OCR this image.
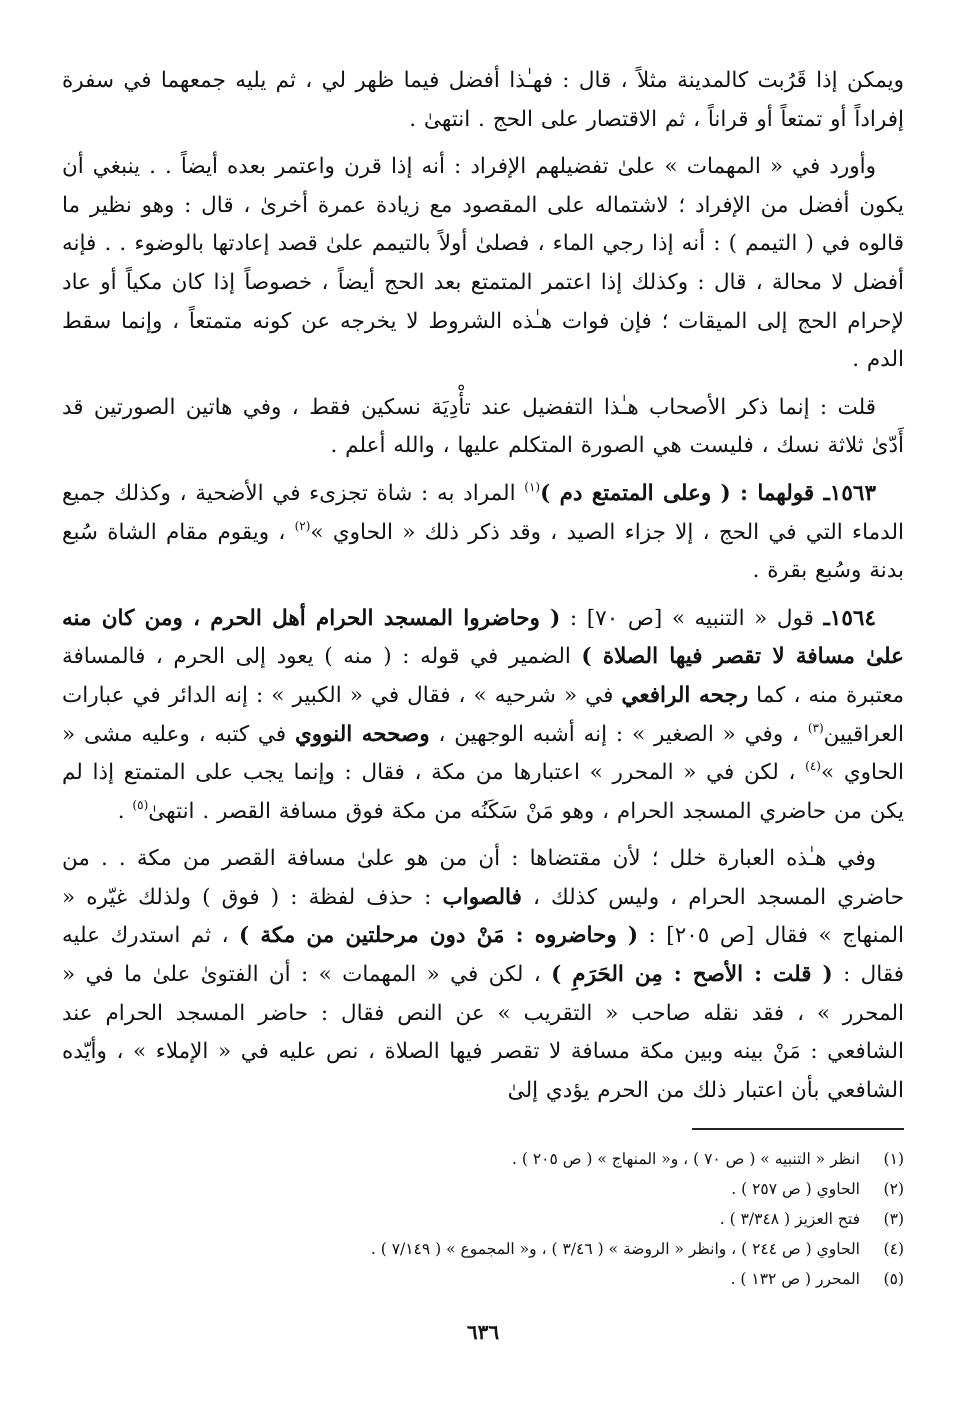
ويمكن إذا قَرُبت كالمدينة مثلاً ، قال : فهـٰذا أفضل فيما ظهر لي ، ثم يليه جمعهما في سفرة إفراداً أو تمتعاً أو قراناً ، ثم الاقتصار على الحج . انتهىٰ .

وأورد في « المهمات » علىٰ تفضيلهم الإفراد : أنه إذا قرن واعتمر بعده أيضاً . . ينبغي أن يكون أفضل من الإفراد ؛ لاشتماله على المقصود مع زيادة عمرة أخرىٰ ، قال : وهو نظير ما قالوه في ( التيمم ) : أنه إذا رجي الماء ، فصلىٰ أولاً بالتيمم علىٰ قصد إعادتها بالوضوء . . فإنه أفضل لا محالة ، قال : وكذلك إذا اعتمر المتمتع بعد الحج أيضاً ، خصوصاً إذا كان مكياً أو عاد لإحرام الحج إلى الميقات ؛ فإن فوات هـٰذه الشروط لا يخرجه عن كونه متمتعاً ، وإنما سقط الدم .

قلت : إنما ذكر الأصحاب هـٰذا التفضيل عند تأْدِيَة نسكين فقط ، وفي هاتين الصورتين قد أَدّىٰ ثلاثة نسك ، فليست هي الصورة المتكلم عليها ، والله أعلم .

١٥٦٣ـ قولهما : ( وعلى المتمتع دم )$^{(١)}$ المراد به : شاة تجزىء في الأضحية ، وكذلك جميع الدماء التي في الحج ، إلا جزاء الصيد ، وقد ذكر ذلك « الحاوي »$^{(٢)}$ ، ويقوم مقام الشاة سُبع بدنة وسُبع بقرة .

١٥٦٤ـ قول « التنبيه » [ص ٧٠] : ( وحاضروا المسجد الحرام أهل الحرم ، ومن كان منه علىٰ مسافة لا تقصر فيها الصلاة ) الضمير في قوله : ( منه ) يعود إلى الحرم ، فالمسافة معتبرة منه ، كما رجحه الرافعي في « شرحيه » ، فقال في « الكبير » : إنه الدائر في عبارات العراقيين$^{(٣)}$ ، وفي « الصغير » : إنه أشبه الوجهين ، وصححه النووي في كتبه ، وعليه مشى « الحاوي »$^{(٤)}$ ، لكن في « المحرر » اعتبارها من مكة ، فقال : وإنما يجب على المتمتع إذا لم يكن من حاضري المسجد الحرام ، وهو مَنْ سَكَنُه من مكة فوق مسافة القصر . انتهىٰ$^{(٥)}$ .

وفي هـٰذه العبارة خلل ؛ لأن مقتضاها : أن من هو علىٰ مسافة القصر من مكة . . من حاضري المسجد الحرام ، وليس كذلك ، فالصواب : حذف لفظة : ( فوق ) ولذلك غيّره « المنهاج » فقال [ص ٢٠٥] : ( وحاضروه : مَنْ دون مرحلتين من مكة ) ، ثم استدرك عليه فقال : ( قلت : الأصح : مِن الحَرَمِ ) ، لكن في « المهمات » : أن الفتوىٰ علىٰ ما في « المحرر » ، فقد نقله صاحب « التقريب » عن النص فقال : حاضر المسجد الحرام عند الشافعي : مَنْ بينه وبين مكة مسافة لا تقصر فيها الصلاة ، نص عليه في « الإملاء » ، وأيّده الشافعي بأن اعتبار ذلك من الحرم يؤدي إلىٰ

(١)
انظر « التنبيه » ( ص ٧٠ ) ، و« المنهاج » ( ص ٢٠٥ ) .
(٢)
الحاوي ( ص ٢٥٧ ) .
(٣)
فتح العزيز ( ٣/٣٤٨ ) .
(٤)
الحاوي ( ص ٢٤٤ ) ، وانظر « الروضة » ( ٣/٤٦ ) ، و« المجموع » ( ٧/١٤٩ ) .
(٥)
المحرر ( ص ١٣٢ ) .
٦٣٦
